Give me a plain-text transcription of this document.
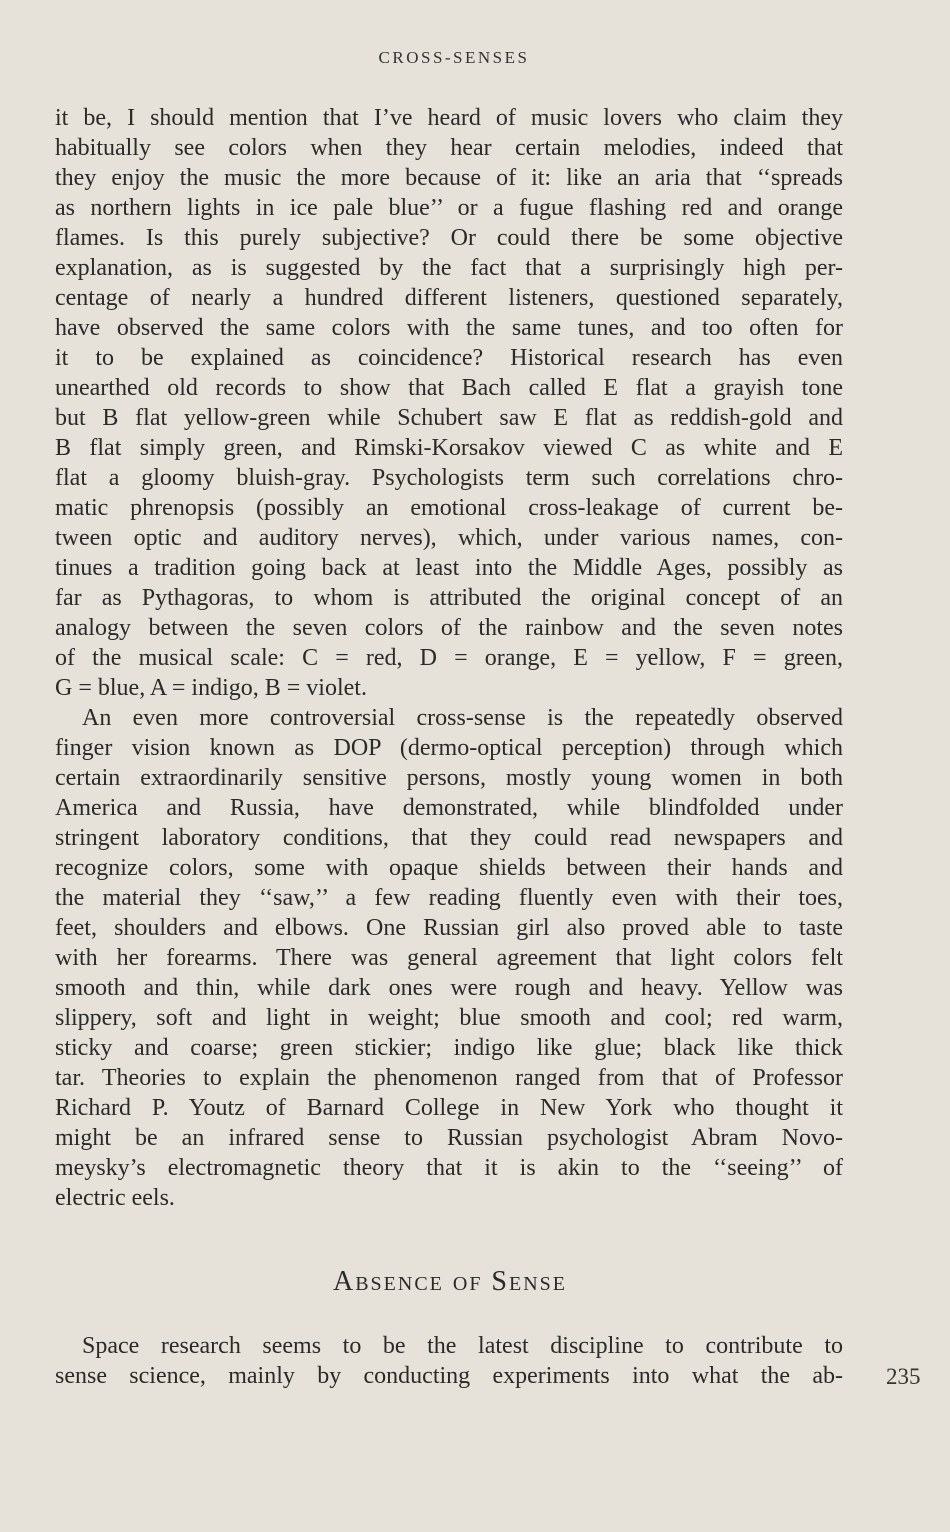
CROSS-SENSES
it be, I should mention that I’ve heard of music lovers who claim they
habitually see colors when they hear certain melodies, indeed that
they enjoy the music the more because of it: like an aria that ‘‘spreads
as northern lights in ice pale blue’’ or a fugue flashing red and orange
flames. Is this purely subjective? Or could there be some objective
explanation, as is suggested by the fact that a surprisingly high per-
centage of nearly a hundred different listeners, questioned separately,
have observed the same colors with the same tunes, and too often for
it to be explained as coincidence? Historical research has even
unearthed old records to show that Bach called E flat a grayish tone
but B flat yellow-green while Schubert saw E flat as reddish-gold and
B flat simply green, and Rimski-Korsakov viewed C as white and E
flat a gloomy bluish-gray. Psychologists term such correlations chro-
matic phrenopsis (possibly an emotional cross-leakage of current be-
tween optic and auditory nerves), which, under various names, con-
tinues a tradition going back at least into the Middle Ages, possibly as
far as Pythagoras, to whom is attributed the original concept of an
analogy between the seven colors of the rainbow and the seven notes
of the musical scale: C = red, D = orange, E = yellow, F = green,
G = blue, A = indigo, B = violet.
An even more controversial cross-sense is the repeatedly observed
finger vision known as DOP (dermo-optical perception) through which
certain extraordinarily sensitive persons, mostly young women in both
America and Russia, have demonstrated, while blindfolded under
stringent laboratory conditions, that they could read newspapers and
recognize colors, some with opaque shields between their hands and
the material they ‘‘saw,’’ a few reading fluently even with their toes,
feet, shoulders and elbows. One Russian girl also proved able to taste
with her forearms. There was general agreement that light colors felt
smooth and thin, while dark ones were rough and heavy. Yellow was
slippery, soft and light in weight; blue smooth and cool; red warm,
sticky and coarse; green stickier; indigo like glue; black like thick
tar. Theories to explain the phenomenon ranged from that of Professor
Richard P. Youtz of Barnard College in New York who thought it
might be an infrared sense to Russian psychologist Abram Novo-
meysky’s electromagnetic theory that it is akin to the ‘‘seeing’’ of
electric eels.
Absence of Sense
Space research seems to be the latest discipline to contribute to
sense science, mainly by conducting experiments into what the ab- 235
